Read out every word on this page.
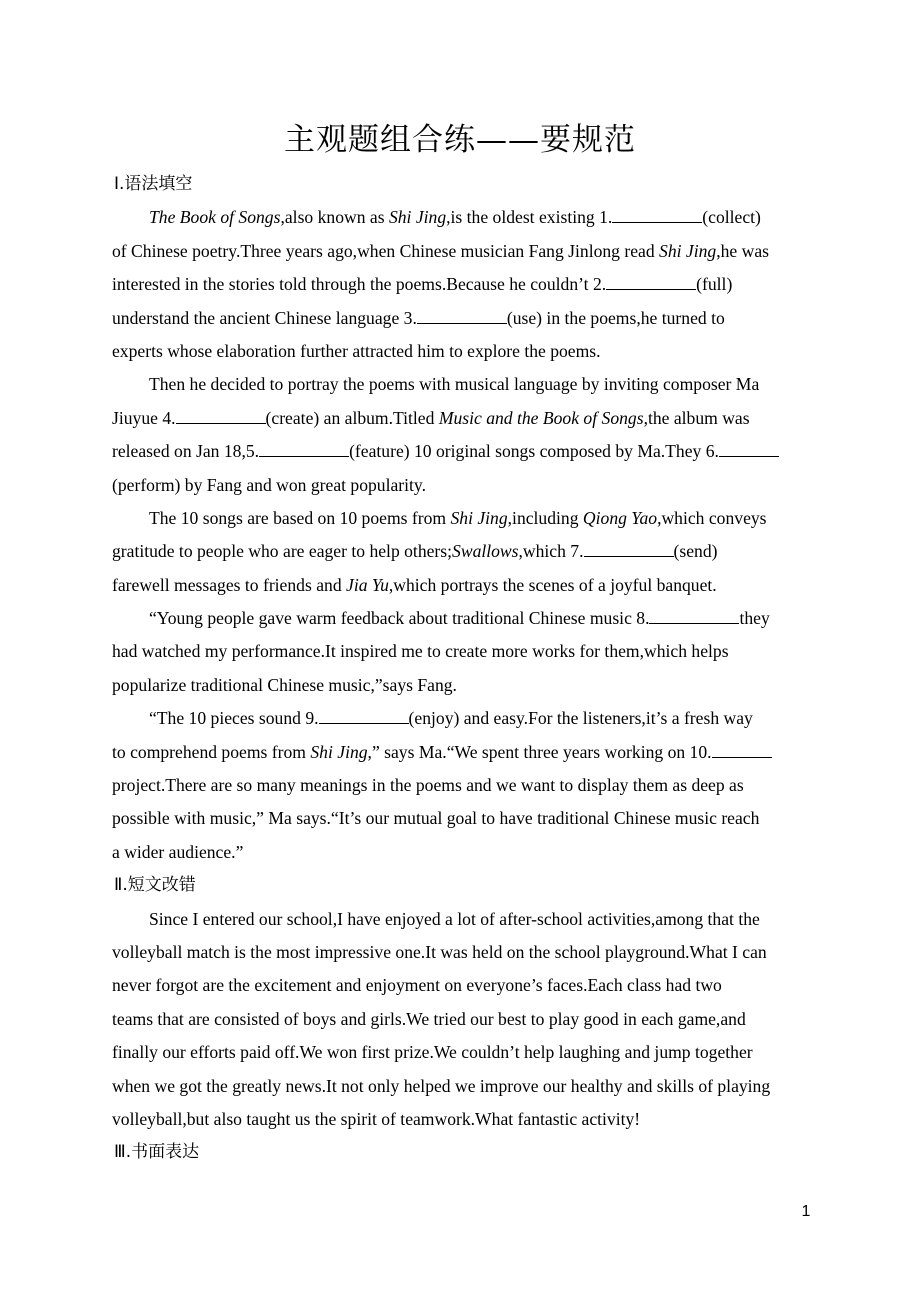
主观题组合练——要规范
Ⅰ.语法填空
The Book of Songs,also known as Shi Jing,is the oldest existing 1.	(collect)
of Chinese poetry.Three years ago,when Chinese musician Fang Jinlong read Shi Jing,he was
interested in the stories told through the poems.Because he couldn’t 2.	(full)
understand the ancient Chinese language 3.	(use) in the poems,he turned to
experts whose elaboration further attracted him to explore the poems.
Then he decided to portray the poems with musical language by inviting composer Ma
Jiuyue 4.	(create) an album.Titled Music and the Book of Songs,the album was
released on Jan 18,5.	(feature) 10 original songs composed by Ma.They 6.
(perform) by Fang and won great popularity.
The 10 songs are based on 10 poems from Shi Jing,including Qiong Yao,which conveys
gratitude to people who are eager to help others;Swallows,which 7.	(send)
farewell messages to friends and Jia Yu,which portrays the scenes of a joyful banquet.
“Young people gave warm feedback about traditional Chinese music 8.	they
had watched my performance.It inspired me to create more works for them,which helps
popularize traditional Chinese music,”says Fang.
“The 10 pieces sound 9.	(enjoy) and easy.For the listeners,it’s a fresh way
to comprehend poems from Shi Jing,” says Ma.“We spent three years working on 10.
project.There are so many meanings in the poems and we want to display them as deep as
possible with music,” Ma says.“It’s our mutual goal to have traditional Chinese music reach
a wider audience.”
Ⅱ.短文改错
Since I entered our school,I have enjoyed a lot of after-school activities,among that the
volleyball match is the most impressive one.It was held on the school playground.What I can
never forgot are the excitement and enjoyment on everyone’s faces.Each class had two
teams that are consisted of boys and girls.We tried our best to play good in each game,and
finally our efforts paid off.We won first prize.We couldn’t help laughing and jump together
when we got the greatly news.It not only helped we improve our healthy and skills of playing
volleyball,but also taught us the spirit of teamwork.What fantastic activity!
Ⅲ.书面表达
1
